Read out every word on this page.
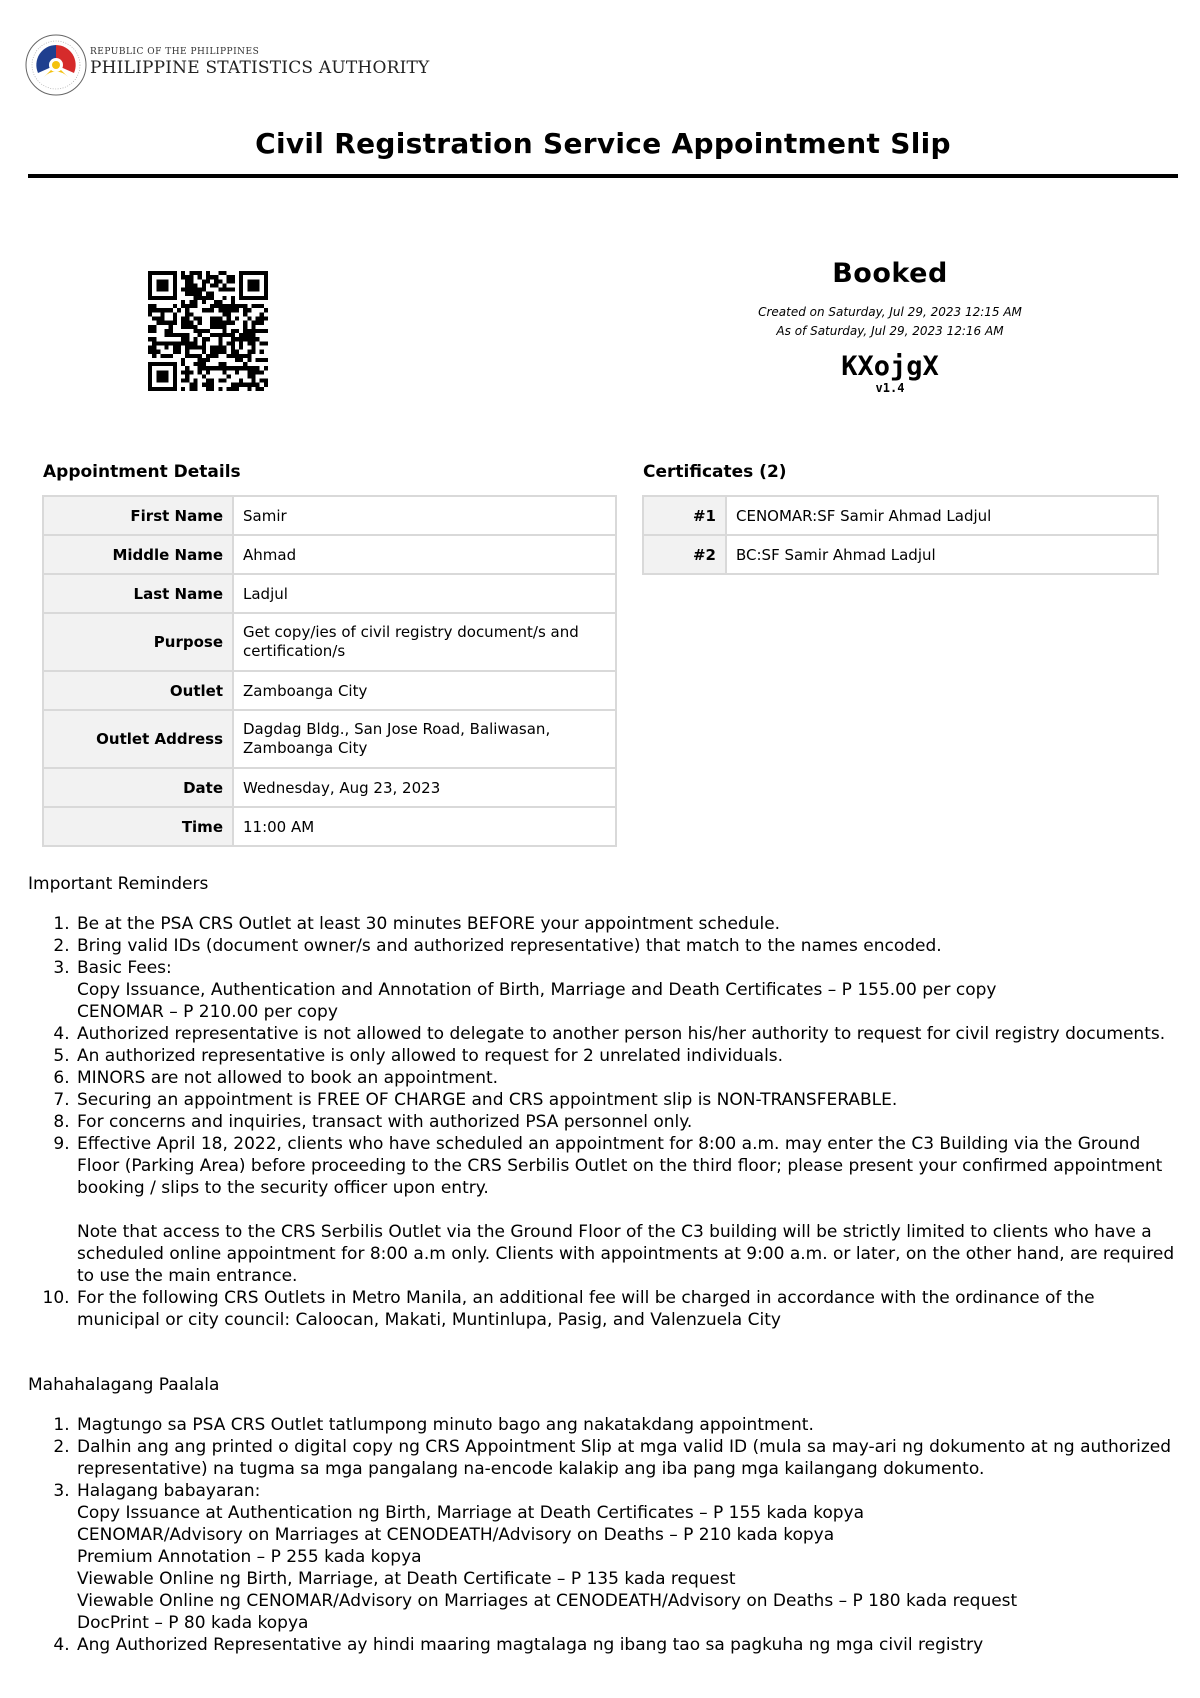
REPUBLIC OF THE PHILIPPINES
PHILIPPINE STATISTICS AUTHORITY
Civil Registration Service Appointment Slip
Booked
Created on Saturday, Jul 29, 2023 12:15 AM
As of Saturday, Jul 29, 2023 12:16 AM
KXojgX
v1.4
Appointment Details
First Name	Samir
Middle Name	Ahmad
Last Name	Ladjul
Purpose	Get copy/ies of civil registry document/s and certification/s
Outlet	Zamboanga City
Outlet Address	Dagdag Bldg., San Jose Road, Baliwasan, Zamboanga City
Date	Wednesday, Aug 23, 2023
Time	11:00 AM
Certificates (2)
#1	CENOMAR:SF Samir Ahmad Ladjul
#2	BC:SF Samir Ahmad Ladjul
Important Reminders
1. Be at the PSA CRS Outlet at least 30 minutes BEFORE your appointment schedule.
2. Bring valid IDs (document owner/s and authorized representative) that match to the names encoded.
3. Basic Fees:
Copy Issuance, Authentication and Annotation of Birth, Marriage and Death Certificates – P 155.00 per copy
CENOMAR – P 210.00 per copy
4. Authorized representative is not allowed to delegate to another person his/her authority to request for civil registry documents.
5. An authorized representative is only allowed to request for 2 unrelated individuals.
6. MINORS are not allowed to book an appointment.
7. Securing an appointment is FREE OF CHARGE and CRS appointment slip is NON-TRANSFERABLE.
8. For concerns and inquiries, transact with authorized PSA personnel only.
9. Effective April 18, 2022, clients who have scheduled an appointment for 8:00 a.m. may enter the C3 Building via the Ground Floor (Parking Area) before proceeding to the CRS Serbilis Outlet on the third floor; please present your confirmed appointment booking / slips to the security officer upon entry.
Note that access to the CRS Serbilis Outlet via the Ground Floor of the C3 building will be strictly limited to clients who have a scheduled online appointment for 8:00 a.m only. Clients with appointments at 9:00 a.m. or later, on the other hand, are required to use the main entrance.
10. For the following CRS Outlets in Metro Manila, an additional fee will be charged in accordance with the ordinance of the municipal or city council: Caloocan, Makati, Muntinlupa, Pasig, and Valenzuela City
Mahahalagang Paalala
1. Magtungo sa PSA CRS Outlet tatlumpong minuto bago ang nakatakdang appointment.
2. Dalhin ang ang printed o digital copy ng CRS Appointment Slip at mga valid ID (mula sa may-ari ng dokumento at ng authorized representative) na tugma sa mga pangalang na-encode kalakip ang iba pang mga kailangang dokumento.
3. Halagang babayaran:
Copy Issuance at Authentication ng Birth, Marriage at Death Certificates – P 155 kada kopya
CENOMAR/Advisory on Marriages at CENODEATH/Advisory on Deaths – P 210 kada kopya
Premium Annotation – P 255 kada kopya
Viewable Online ng Birth, Marriage, at Death Certificate – P 135 kada request
Viewable Online ng CENOMAR/Advisory on Marriages at CENODEATH/Advisory on Deaths – P 180 kada request
DocPrint – P 80 kada kopya
4. Ang Authorized Representative ay hindi maaring magtalaga ng ibang tao sa pagkuha ng mga civil registry
